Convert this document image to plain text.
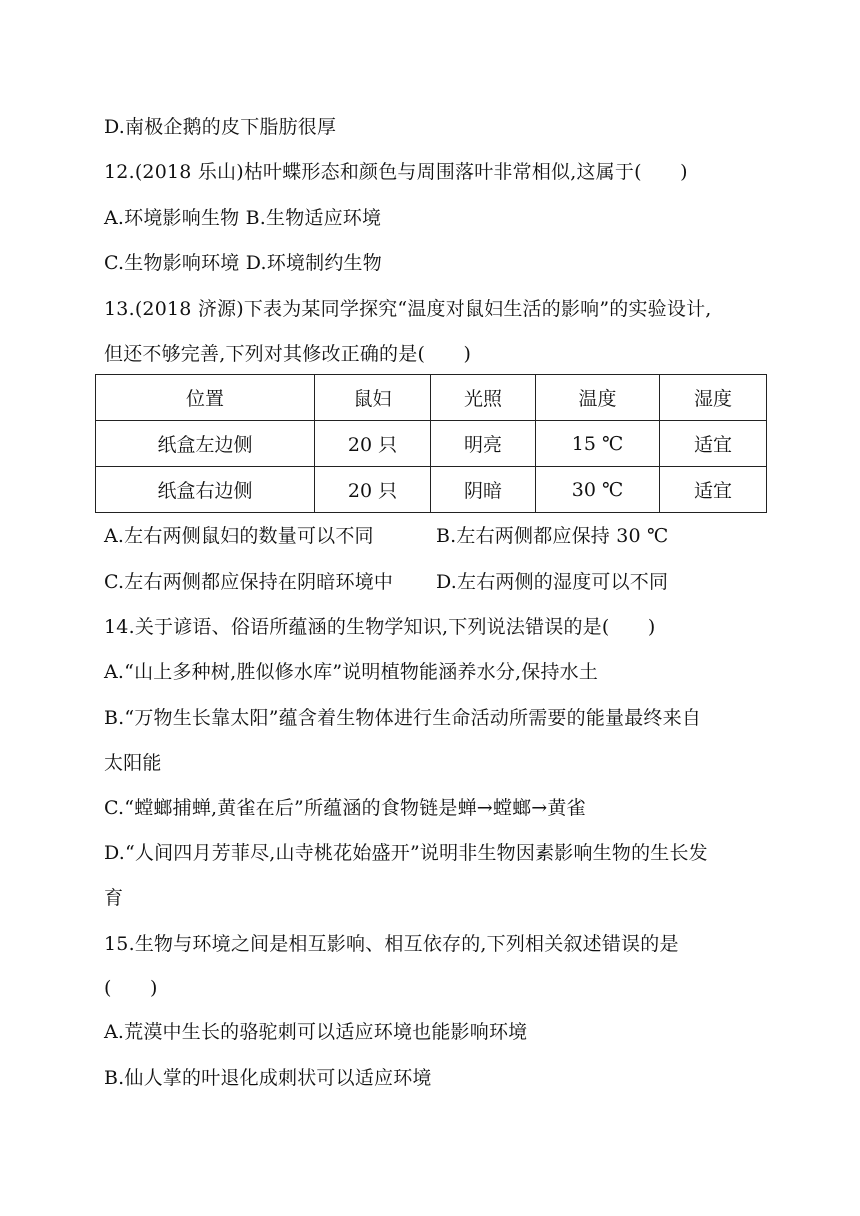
D.南极企鹅的皮下脂肪很厚
12.(2018 乐山)枯叶蝶形态和颜色与周围落叶非常相似,这属于(　　)
A.环境影响生物 B.生物适应环境
C.生物影响环境 D.环境制约生物
13.(2018 济源)下表为某同学探究“温度对鼠妇生活的影响”的实验设计,
但还不够完善,下列对其修改正确的是(　　)
位置	鼠妇	光照	温度	湿度
纸盒左边侧	20 只	明亮	15 ℃	适宜
纸盒右边侧	20 只	阴暗	30 ℃	适宜
A.左右两侧鼠妇的数量可以不同	B.左右两侧都应保持 30 ℃
C.左右两侧都应保持在阴暗环境中 D.左右两侧的湿度可以不同
14.关于谚语、俗语所蕴涵的生物学知识,下列说法错误的是(　　)
A.“山上多种树,胜似修水库”说明植物能涵养水分,保持水土
B.“万物生长靠太阳”蕴含着生物体进行生命活动所需要的能量最终来自
太阳能
C.“螳螂捕蝉,黄雀在后”所蕴涵的食物链是蝉→螳螂→黄雀
D.“人间四月芳菲尽,山寺桃花始盛开”说明非生物因素影响生物的生长发
育
15.生物与环境之间是相互影响、相互依存的,下列相关叙述错误的是
(　　)
A.荒漠中生长的骆驼刺可以适应环境也能影响环境
B.仙人掌的叶退化成刺状可以适应环境
